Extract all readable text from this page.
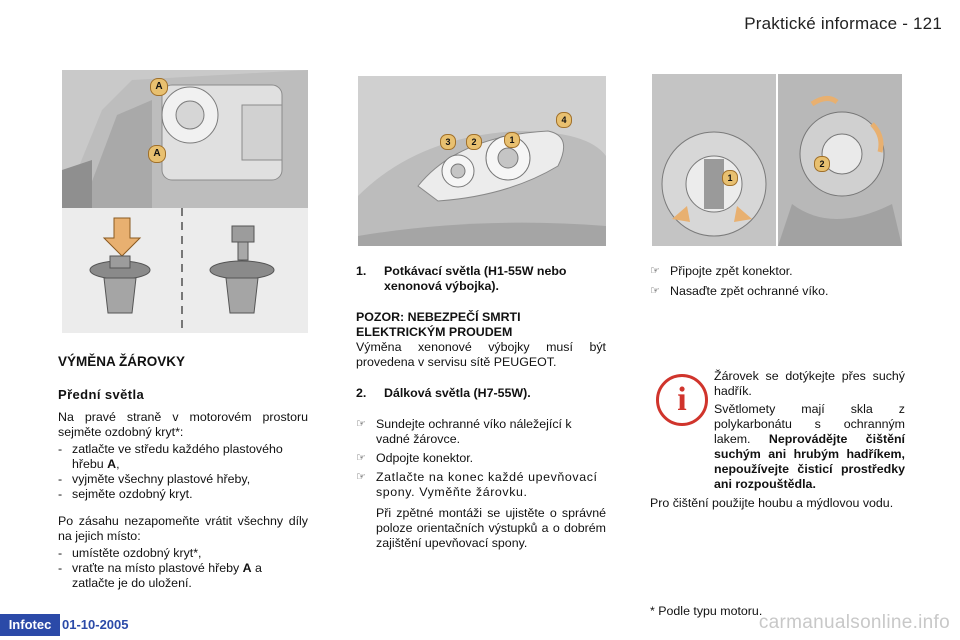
Praktické informace - 121
A
A

VÝMĚNA ŽÁROVKY

Přední světla

Na pravé straně v motorovém prostoru sejměte ozdobný kryt*:

- zatlačte ve středu každého plastového hřebu A,
- vyjměte všechny plastové hřeby,
- sejměte ozdobný kryt.

Po zásahu nezapomeňte vrátit všechny díly na jejich místo:

- umístěte ozdobný kryt*,
- vraťte na místo plastové hřeby A a zatlačte je do uložení.
3	2	1
4
1. Potkávací světla (H1-55W nebo xenonová výbojka).

POZOR: NEBEZPEČÍ SMRTI ELEKTRICKÝM PROUDEM

Výměna xenonové výbojky musí být provedena v servisu sítě PEUGEOT.

2. Dálková světla (H7-55W).
☞ Sundejte ochranné víko náležející k vadné žárovce.
☞ Odpojte konektor.
☞ Zatlačte na konec každé upevňovací spony. Vyměňte žárovku.

Při zpětné montáži se ujistěte o správné poloze orientačních výstupků a o dobrém zajištění upevňovací spony.

1
2
☞ Připojte zpět konektor.
☞ Nasaďte zpět ochranné víko.
i

Žárovek se dotýkejte přes suchý hadřík.

Světlomety mají skla z polykarbonátu s ochranným lakem. Neprovádějte čištění suchým ani hrubým hadříkem, nepoužívejte čisticí prostředky ani rozpouštědla.

Pro čištění použijte houbu a mýdlovou vodu.

* Podle typu motoru.
Infotec 01-10-2005	carmanualsonline.info
